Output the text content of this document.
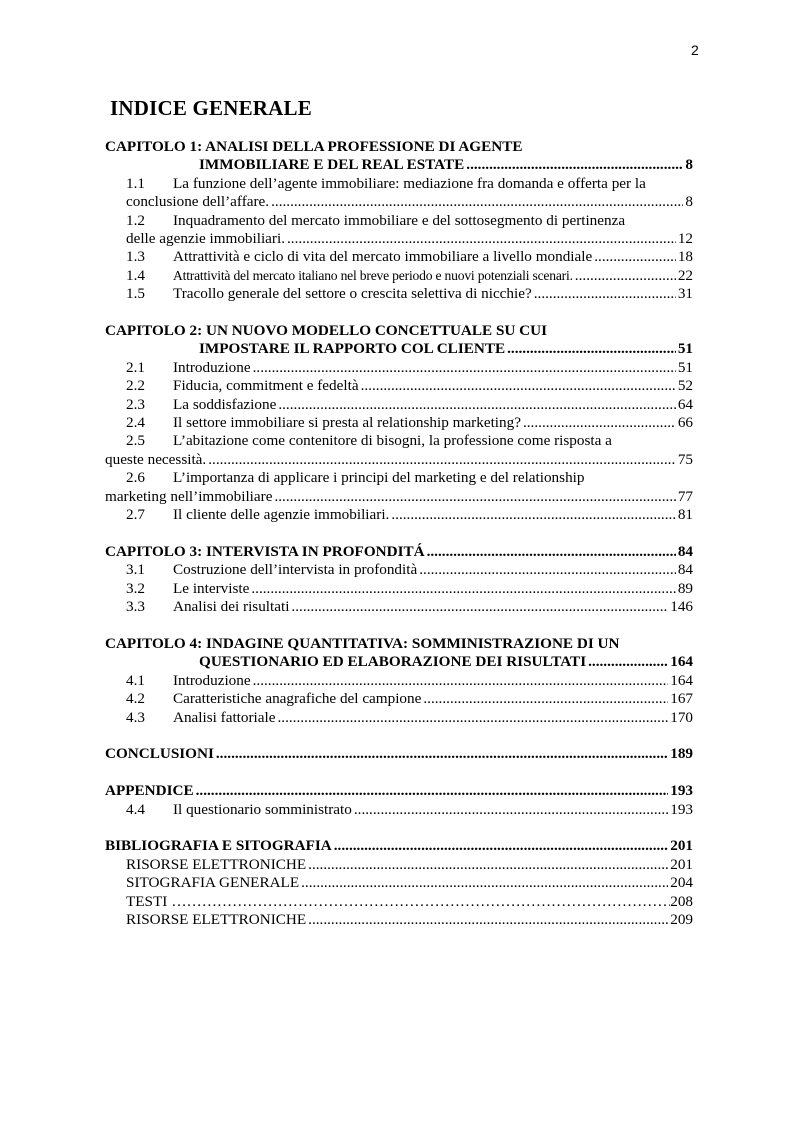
2
INDICE GENERALE
CAPITOLO 1: ANALISI DELLA PROFESSIONE DI AGENTE
IMMOBILIARE E DEL REAL ESTATE .....	8
1.1	La funzione dell’agente immobiliare: mediazione fra domanda e offerta per la
conclusione dell’affare. .....	8
1.2	Inquadramento del mercato immobiliare e del sottosegmento di pertinenza
delle agenzie immobiliari. .....	12
1.3	Attrattività e ciclo di vita del mercato immobiliare a livello mondiale .....	18
1.4	Attrattività del mercato italiano nel breve periodo e nuovi potenziali scenari. .....	22
1.5	Tracollo generale del settore o crescita selettiva di nicchie? .....	31
CAPITOLO 2: UN NUOVO MODELLO CONCETTUALE SU CUI
IMPOSTARE IL RAPPORTO COL CLIENTE .....	51
2.1	Introduzione .....	51
2.2	Fiducia, commitment e fedeltà .....	52
2.3	La soddisfazione .....	64
2.4	Il settore immobiliare si presta al relationship marketing? .....	66
2.5	L’abitazione come contenitore di bisogni, la professione come risposta a
queste necessità. .....	75
2.6	L’importanza di applicare i principi del marketing e del relationship
marketing nell’immobiliare .....	77
2.7	Il cliente delle agenzie immobiliari. .....	81
CAPITOLO 3: INTERVISTA IN PROFONDITÁ .....	84
3.1	Costruzione dell’intervista in profondità .....	84
3.2	Le interviste .....	89
3.3	Analisi dei risultati .....	146
CAPITOLO 4: INDAGINE QUANTITATIVA: SOMMINISTRAZIONE DI UN
QUESTIONARIO ED ELABORAZIONE DEI RISULTATI .....	164
4.1	Introduzione .....	164
4.2	Caratteristiche anagrafiche del campione .....	167
4.3	Analisi fattoriale .....	170
CONCLUSIONI .....	189
APPENDICE .....	193
4.4	Il questionario somministrato .....	193
BIBLIOGRAFIA E SITOGRAFIA .....	201
RISORSE ELETTRONICHE .....	201
SITOGRAFIA GENERALE .....	204
TESTI …………………………………………………………………………………………………………………………	208
RISORSE ELETTRONICHE .....	209
